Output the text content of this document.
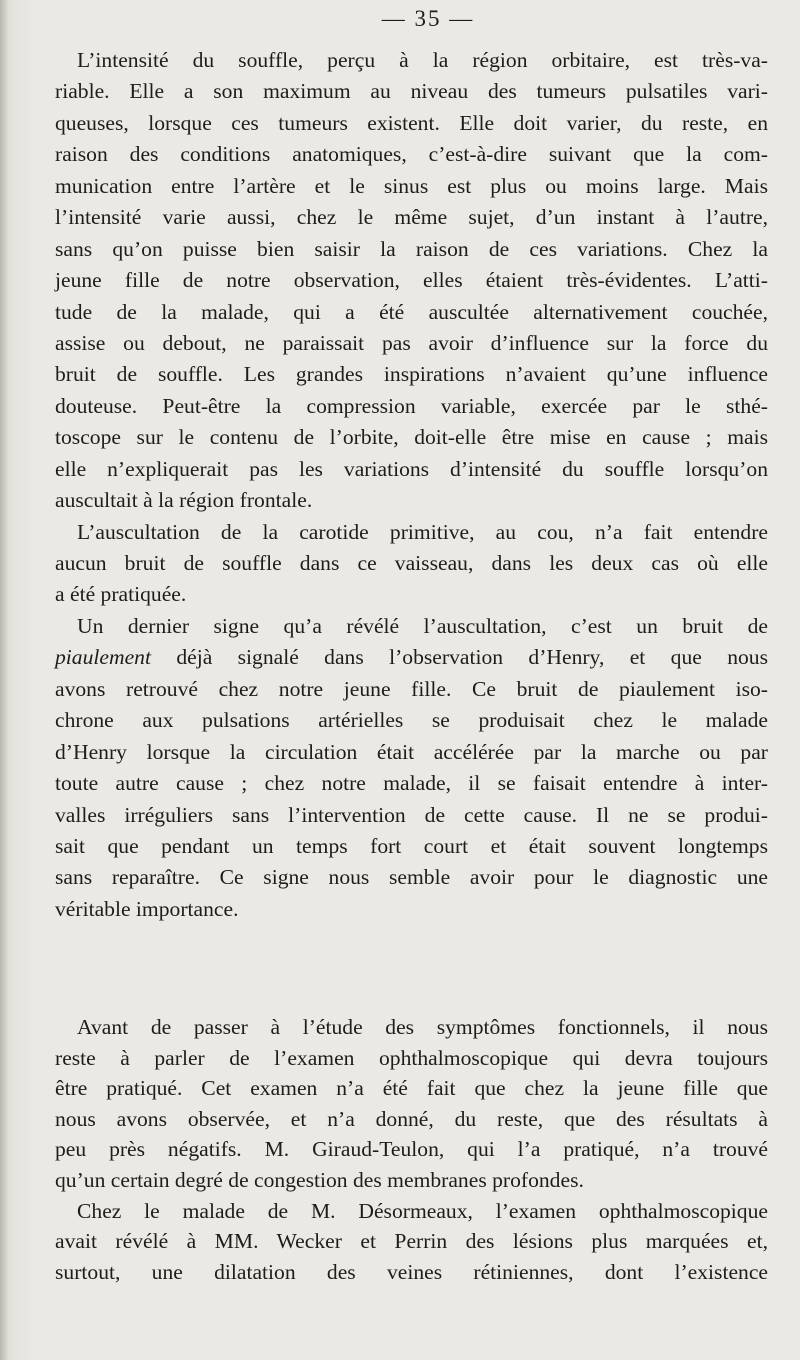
— 35 —
L’intensité du souffle, perçu à la région orbitaire, est très-va-
riable. Elle a son maximum au niveau des tumeurs pulsatiles vari-
queuses, lorsque ces tumeurs existent. Elle doit varier, du reste, en
raison des conditions anatomiques, c’est-à-dire suivant que la com-
munication entre l’artère et le sinus est plus ou moins large. Mais
l’intensité varie aussi, chez le même sujet, d’un instant à l’autre,
sans qu’on puisse bien saisir la raison de ces variations. Chez la
jeune fille de notre observation, elles étaient très-évidentes. L’atti-
tude de la malade, qui a été auscultée alternativement couchée,
assise ou debout, ne paraissait pas avoir d’influence sur la force du
bruit de souffle. Les grandes inspirations n’avaient qu’une influence
douteuse. Peut-être la compression variable, exercée par le sthé-
toscope sur le contenu de l’orbite, doit-elle être mise en cause ; mais
elle n’expliquerait pas les variations d’intensité du souffle lorsqu’on
auscultait à la région frontale.
L’auscultation de la carotide primitive, au cou, n’a fait entendre
aucun bruit de souffle dans ce vaisseau, dans les deux cas où elle
a été pratiquée.
Un dernier signe qu’a révélé l’auscultation, c’est un bruit de
piaulement déjà signalé dans l’observation d’Henry, et que nous
avons retrouvé chez notre jeune fille. Ce bruit de piaulement iso-
chrone aux pulsations artérielles se produisait chez le malade
d’Henry lorsque la circulation était accélérée par la marche ou par
toute autre cause ; chez notre malade, il se faisait entendre à inter-
valles irréguliers sans l’intervention de cette cause. Il ne se produi-
sait que pendant un temps fort court et était souvent longtemps
sans reparaître. Ce signe nous semble avoir pour le diagnostic une
véritable importance.
Avant de passer à l’étude des symptômes fonctionnels, il nous
reste à parler de l’examen ophthalmoscopique qui devra toujours
être pratiqué. Cet examen n’a été fait que chez la jeune fille que
nous avons observée, et n’a donné, du reste, que des résultats à
peu près négatifs. M. Giraud-Teulon, qui l’a pratiqué, n’a trouvé
qu’un certain degré de congestion des membranes profondes.
Chez le malade de M. Désormeaux, l’examen ophthalmoscopique
avait révélé à MM. Wecker et Perrin des lésions plus marquées et,
surtout, une dilatation des veines rétiniennes, dont l’existence
